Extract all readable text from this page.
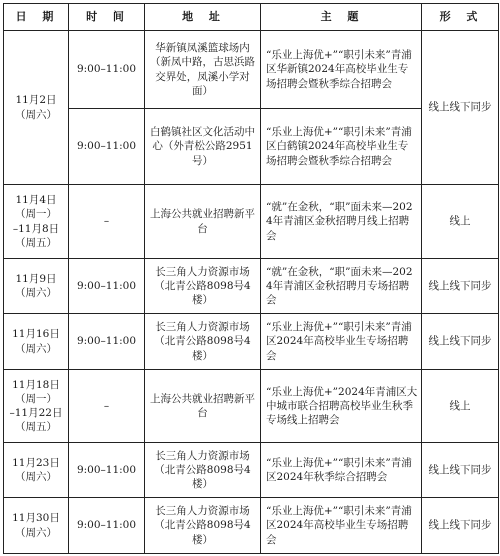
日 期	时 间	地 址	主 题	形 式

11月2日
（周六）	9:00–11:00	华新镇凤溪篮球场内（新凤中路，古思浜路交界处，凤溪小学对面）	“乐业上海优+”“职引未来”青浦区华新镇2024年高校毕业生专场招聘会暨秋季综合招聘会	线上线下同步
	9:00–11:00	白鹤镇社区文化活动中心（外青松公路2951号）	“乐业上海优+”“职引未来”青浦区白鹤镇2024年高校毕业生专场招聘会暨秋季综合招聘会	

11月4日
（周一）
–11月8日
（周五）	–	上海公共就业招聘新平台	“就”在金秋，“职”面未来—2024年青浦区金秋招聘月线上招聘会	线上

11月9日
（周六）	9:00–11:00	长三角人力资源市场（北青公路8098号4楼）	“就”在金秋，“职”面未来—2024年青浦区金秋招聘月专场招聘会	线上线下同步

11月16日
（周六）	9:00–11:00	长三角人力资源市场（北青公路8098号4楼）	“乐业上海优+”“职引未来”青浦区2024年高校毕业生专场招聘会	线上线下同步

11月18日
（周一）
–11月22日
（周五）	–	上海公共就业招聘新平台	“乐业上海优+”2024年青浦区大中城市联合招聘高校毕业生秋季专场线上招聘会	线上

11月23日
（周六）	9:00–11:00	长三角人力资源市场（北青公路8098号4楼）	“乐业上海优+”“职引未来”青浦区2024年秋季综合招聘会	线上线下同步

11月30日
（周六）	9:00–11:00	长三角人力资源市场（北青公路8098号4楼）	“乐业上海优+”“职引未来”青浦区2024年高校毕业生专场招聘会	线上线下同步
